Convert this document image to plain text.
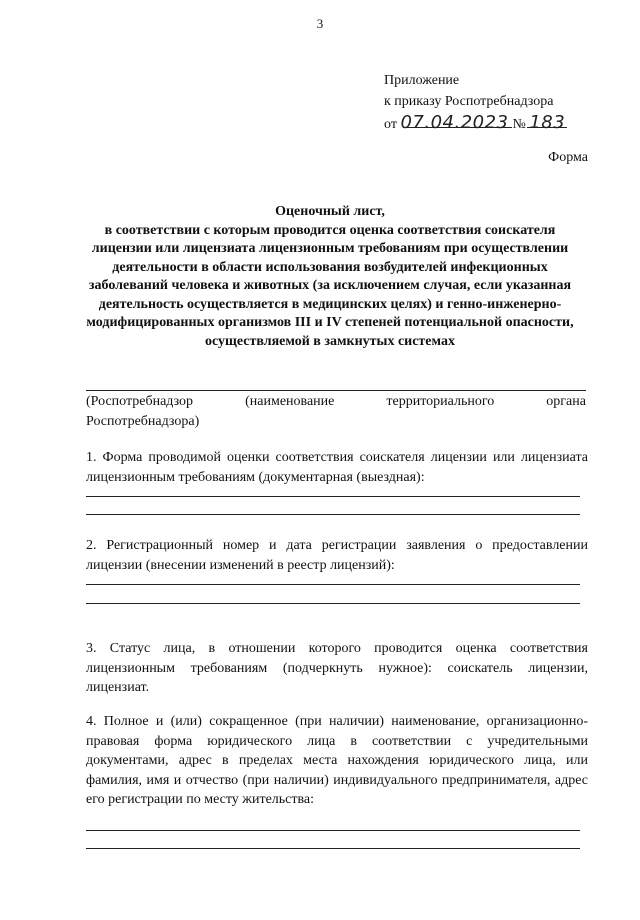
3
Приложение
к приказу Роспотребнадзора
от 07.04.2023 № 183
Форма
Оценочный лист,
в соответствии с которым проводится оценка соответствия соискателя лицензии или лицензиата лицензионным требованиям при осуществлении деятельности в области использования возбудителей инфекционных заболеваний человека и животных (за исключением случая, если указанная деятельность осуществляется в медицинских целях) и генно-инженерно-модифицированных организмов III и IV степеней потенциальной опасности, осуществляемой в замкнутых системах
(Роспотребнадзор	(наименование	территориального	органа
Роспотребнадзора)
1. Форма проводимой оценки соответствия соискателя лицензии или лицензиата лицензионным требованиям (документарная (выездная):
2. Регистрационный номер и дата регистрации заявления о предоставлении лицензии (внесении изменений в реестр лицензий):
3. Статус лица, в отношении которого проводится оценка соответствия лицензионным требованиям (подчеркнуть нужное): соискатель лицензии, лицензиат.
4. Полное и (или) сокращенное (при наличии) наименование, организационно-правовая форма юридического лица в соответствии с учредительными документами, адрес в пределах места нахождения юридического лица, или фамилия, имя и отчество (при наличии) индивидуального предпринимателя, адрес его регистрации по месту жительства:
